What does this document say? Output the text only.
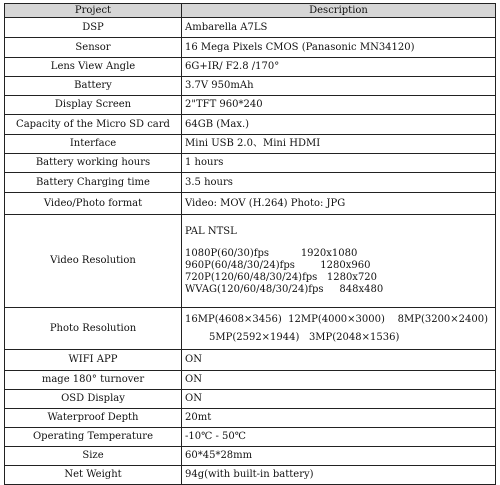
Project	Description
DSP	Ambarella A7LS
Sensor	16 Mega Pixels CMOS (Panasonic MN34120)
Lens View Angle	6G+IR/ F2.8 /170°
Battery	3.7V 950mAh
Display Screen	2"TFT 960*240
Capacity of the Micro SD card	64GB (Max.)
Interface	Mini USB 2.0、Mini HDMI
Battery working hours	1 hours
Battery Charging time	3.5 hours
Video/Photo format	Video: MOV (H.264) Photo: JPG
Video Resolution	PAL NTSL
1080P(60/30)fps          1920x1080
960P(60/48/30/24)fps        1280x960
720P(120/60/48/30/24)fps   1280x720
WVAG(120/60/48/30/24)fps     848x480

Photo Resolution	16MP(4608×3456)  12MP(4000×3000)    8MP(3200×2400)
5MP(2592×1944)   3MP(2048×1536)

WIFI APP	ON
mage 180° turnover	ON
OSD Display	ON
Waterproof Depth	20mt
Operating Temperature	-10℃ - 50℃
Size	60*45*28mm
Net Weight	94g(with built-in battery)
